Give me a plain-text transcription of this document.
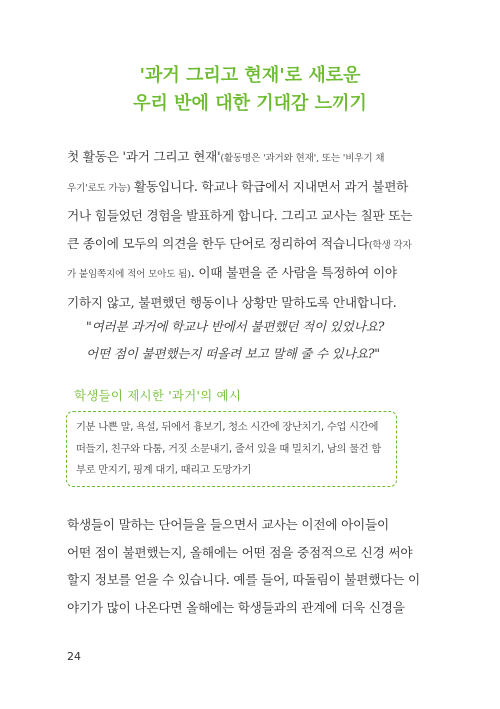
'과거 그리고 현재'로 새로운
우리 반에 대한 기대감 느끼기
첫 활동은 '과거 그리고 현재'(활동명은 '과거와 현재', 또는 '비우기 채
우기'로도 가능) 활동입니다. 학교나 학급에서 지내면서 과거 불편하
거나 힘들었던 경험을 발표하게 합니다. 그리고 교사는 칠판 또는
큰 종이에 모두의 의견을 한두 단어로 정리하여 적습니다(학생 각자
가 붙임쪽지에 적어 모아도 됨). 이때 불편을 준 사람을 특정하여 이야
기하지 않고, 불편했던 행동이나 상황만 말하도록 안내합니다.
"여러분 과거에 학교나 반에서 불편했던 적이 있었나요?
어떤 점이 불편했는지 떠올려 보고 말해 줄 수 있나요?"
학생들이 제시한 '과거'의 예시
기분 나쁜 말, 욕설, 뒤에서 흉보기, 청소 시간에 장난치기, 수업 시간에
떠들기, 친구와 다툼, 거짓 소문내기, 줄서 있을 때 밀치기, 남의 물건 함
부로 만지기, 핑계 대기, 때리고 도망가기
학생들이 말하는 단어들을 들으면서 교사는 이전에 아이들이
어떤 점이 불편했는지, 올해에는 어떤 점을 중점적으로 신경 써야
할지 정보를 얻을 수 있습니다. 예를 들어, 따돌림이 불편했다는 이
야기가 많이 나온다면 올해에는 학생들과의 관계에 더욱 신경을
24
